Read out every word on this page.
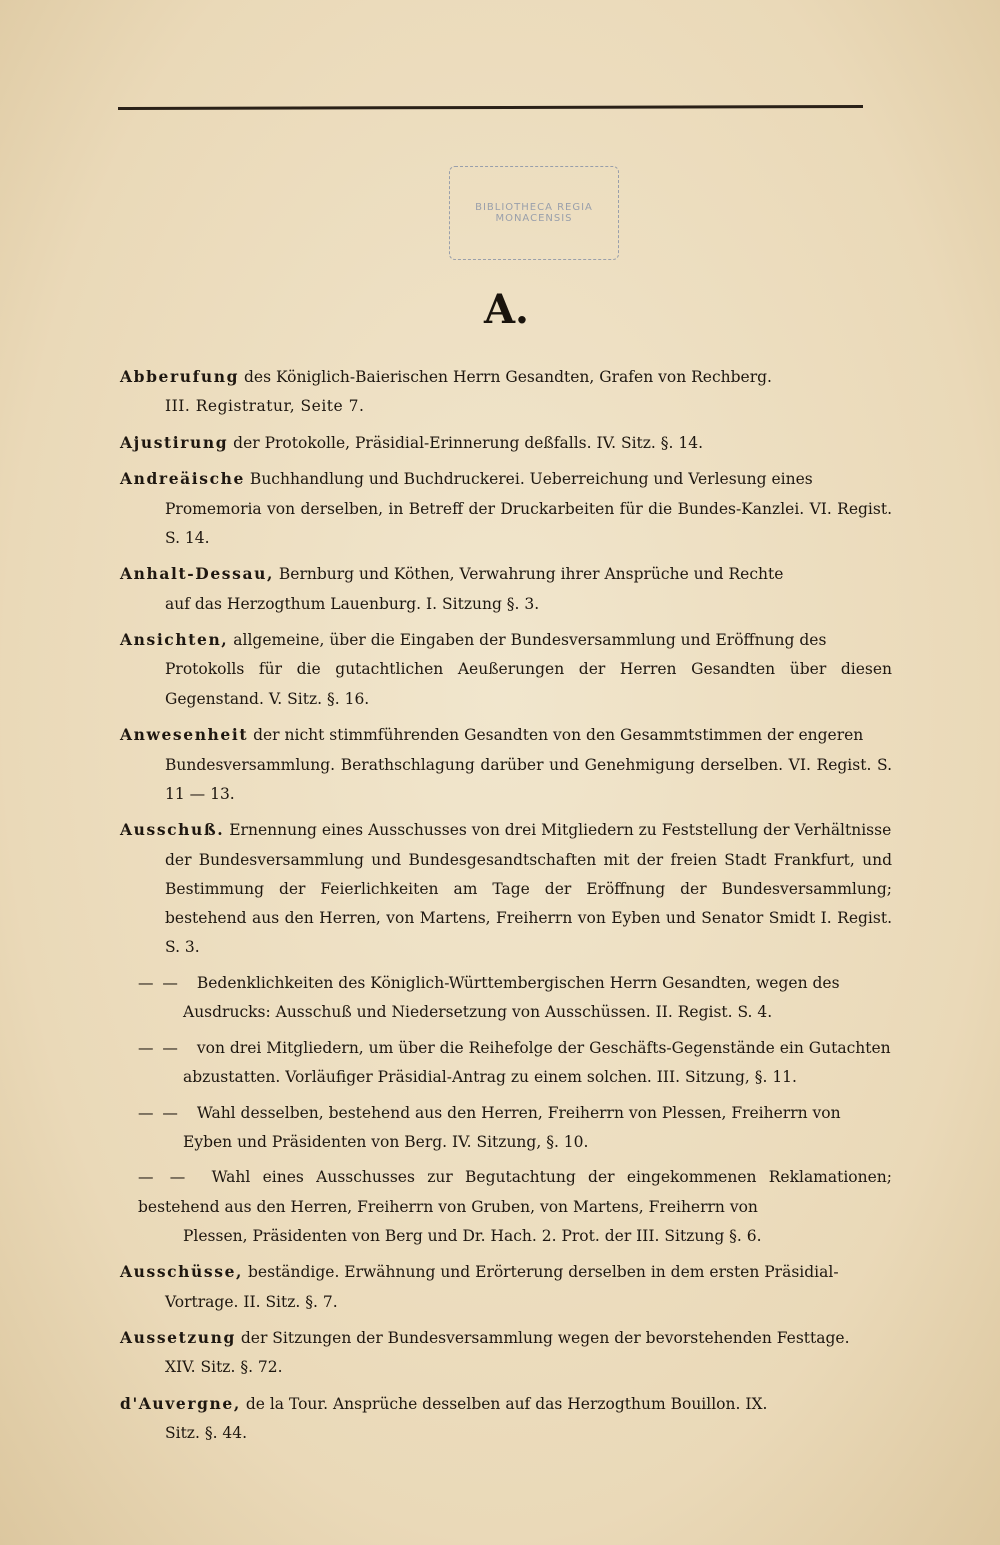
BIBLIOTHECA REGIA MONACENSIS
A.

Abberufung des Königlich-Baierischen Herrn Gesandten, Grafen von Rechberg.
III. Registratur, Seite 7.

Ajustirung der Protokolle, Präsidial-Erinnerung deßfalls. IV. Sitz. §. 14.

Andreäische Buchhandlung und Buchdruckerei. Ueberreichung und Verlesung eines
Promemoria von derselben, in Betreff der Druckarbeiten für die Bundes-Kanzlei. VI. Regist. S. 14.

Anhalt-Dessau, Bernburg und Köthen, Verwahrung ihrer Ansprüche und Rechte
auf das Herzogthum Lauenburg. I. Sitzung §. 3.

Ansichten, allgemeine, über die Eingaben der Bundesversammlung und Eröffnung des
Protokolls für die gutachtlichen Aeußerungen der Herren Gesandten über diesen Gegenstand. V. Sitz. §. 16.

Anwesenheit der nicht stimmführenden Gesandten von den Gesammtstimmen der engeren
Bundesversammlung. Berathschlagung darüber und Genehmigung derselben. VI. Regist. S. 11 — 13.

Ausschuß. Ernennung eines Ausschusses von drei Mitgliedern zu Feststellung der Verhältnisse
der Bundesversammlung und Bundesgesandtschaften mit der freien Stadt Frankfurt, und Bestimmung der Feierlichkeiten am Tage der Eröffnung der Bundesversammlung; bestehend aus den Herren, von Martens, Freiherrn von Eyben und Senator Smidt I. Regist. S. 3.

— — Bedenklichkeiten des Königlich-Württembergischen Herrn Gesandten, wegen des
Ausdrucks: Ausschuß und Niedersetzung von Ausschüssen. II. Regist. S. 4.

— — von drei Mitgliedern, um über die Reihefolge der Geschäfts-Gegenstände ein Gutachten
abzustatten. Vorläufiger Präsidial-Antrag zu einem solchen. III. Sitzung, §. 11.

— — Wahl desselben, bestehend aus den Herren, Freiherrn von Plessen, Freiherrn von
Eyben und Präsidenten von Berg. IV. Sitzung, §. 10.

— — Wahl eines Ausschusses zur Begutachtung der eingekommenen Reklamationen; bestehend aus den Herren, Freiherrn von Gruben, von Martens, Freiherrn von
Plessen, Präsidenten von Berg und Dr. Hach. 2. Prot. der III. Sitzung §. 6.

Ausschüsse, beständige. Erwähnung und Erörterung derselben in dem ersten Präsidial-
Vortrage. II. Sitz. §. 7.

Aussetzung der Sitzungen der Bundesversammlung wegen der bevorstehenden Festtage.
XIV. Sitz. §. 72.

d'Auvergne, de la Tour. Ansprüche desselben auf das Herzogthum Bouillon. IX.
Sitz. §. 44.
